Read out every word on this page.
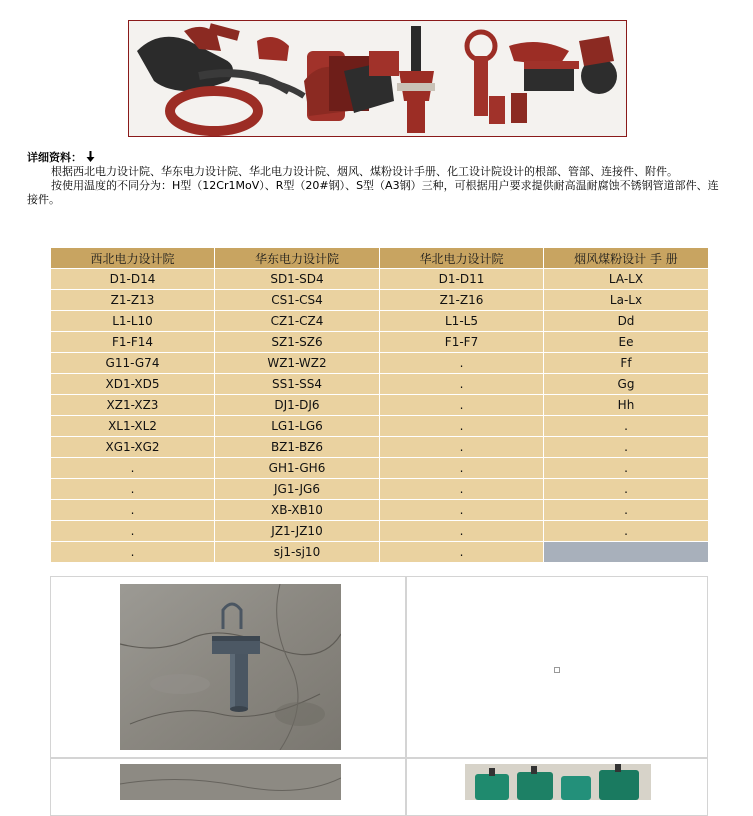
详细资料：

根据西北电力设计院、华东电力设计院、华北电力设计院、烟风、煤粉设计手册、化工设计院设计的根部、管部、连接件、附件。

按使用温度的不同分为：H型（12Cr1MoV）、R型（20#钢）、S型（A3钢）三种，可根据用户要求提供耐高温耐腐蚀不锈钢管道部件、连接件。

西北电力设计院	华东电力设计院	华北电力设计院	烟风煤粉设计 手 册
D1-D14	SD1-SD4	D1-D11	LA-LX
Z1-Z13	CS1-CS4	Z1-Z16	La-Lx
L1-L10	CZ1-CZ4	L1-L5	Dd
F1-F14	SZ1-SZ6	F1-F7	Ee
G11-G74	WZ1-WZ2	.	Ff
XD1-XD5	SS1-SS4	.	Gg
XZ1-XZ3	DJ1-DJ6	.	Hh
XL1-XL2	LG1-LG6	.	.
XG1-XG2	BZ1-BZ6	.	.
.	GH1-GH6	.	.
.	JG1-JG6	.	.
.	XB-XB10	.	.
.	JZ1-JZ10	.	.
.	sj1-sj10	.	
